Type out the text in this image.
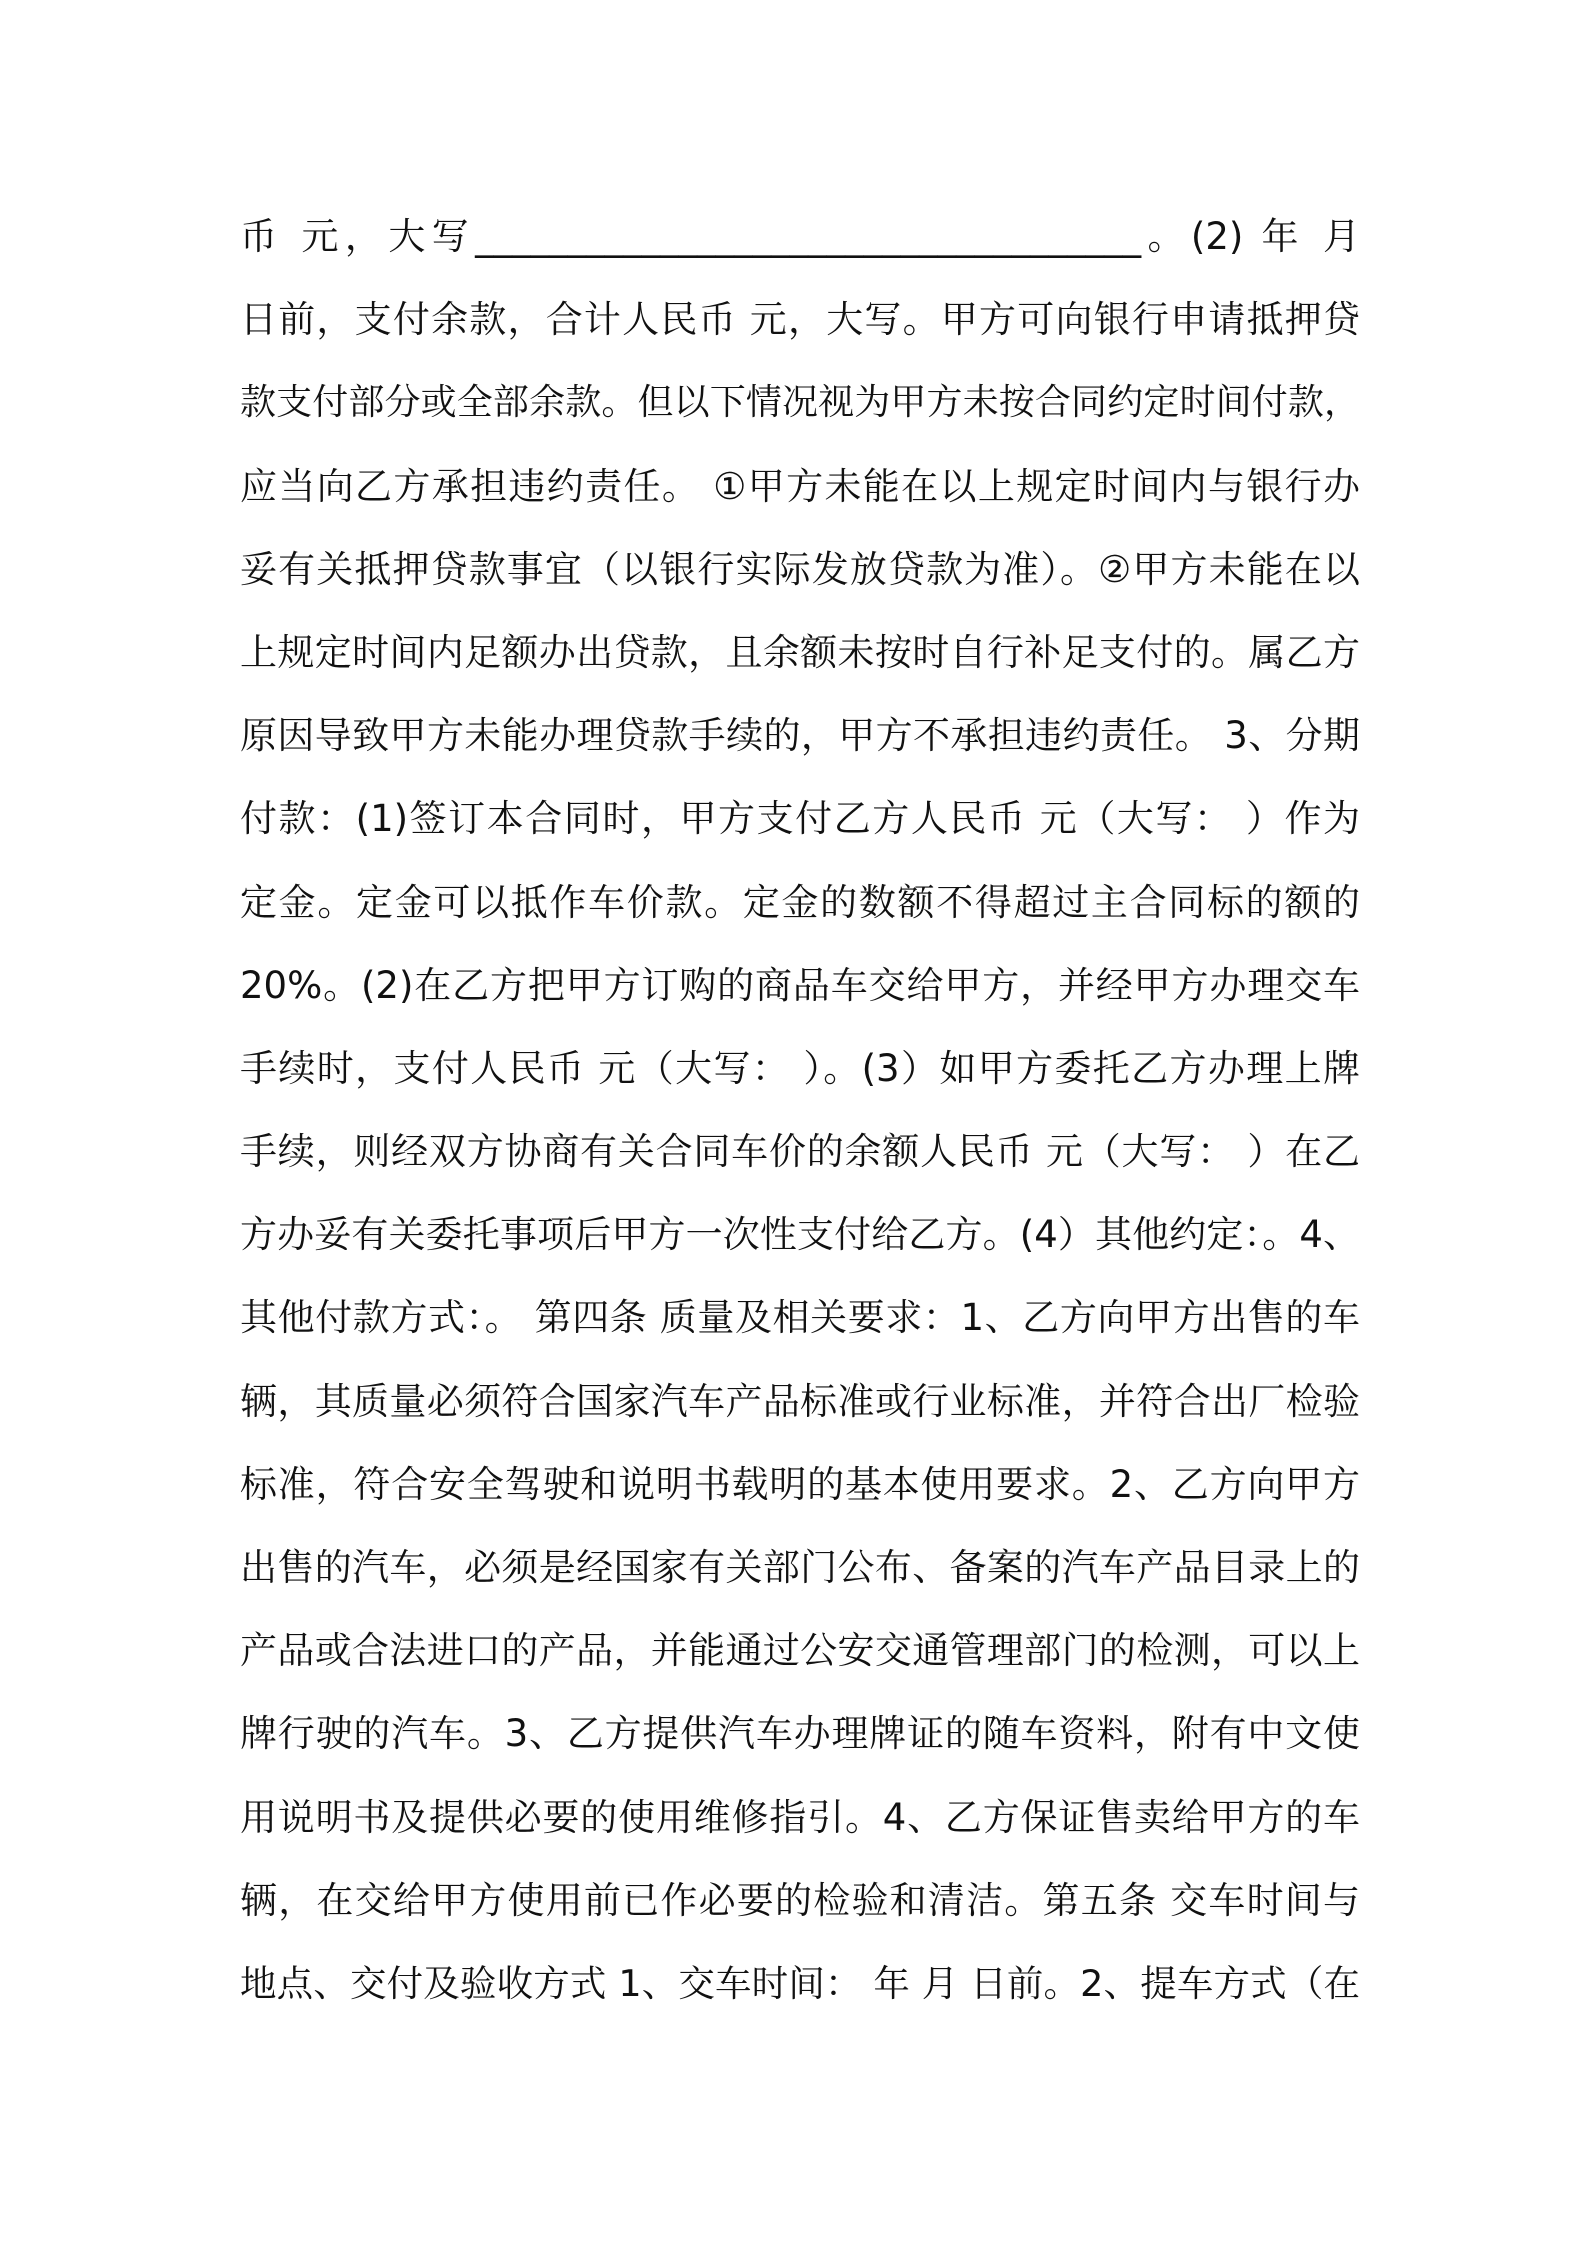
币 元，大写____________________________________。(2) 年 月
日前，支付余款，合计人民币 元，大写。甲方可向银行申请抵押贷
款支付部分或全部余款。但以下情况视为甲方未按合同约定时间付款，
应当向乙方承担违约责任。 ①甲方未能在以上规定时间内与银行办
妥有关抵押贷款事宜（以银行实际发放贷款为准）。②甲方未能在以
上规定时间内足额办出贷款，且余额未按时自行补足支付的。属乙方
原因导致甲方未能办理贷款手续的，甲方不承担违约责任。 3、分期
付款：(1)签订本合同时，甲方支付乙方人民币 元（大写： ）作为
定金。定金可以抵作车价款。定金的数额不得超过主合同标的额的
20%。(2)在乙方把甲方订购的商品车交给甲方，并经甲方办理交车
手续时，支付人民币 元（大写： ）。(3）如甲方委托乙方办理上牌
手续，则经双方协商有关合同车价的余额人民币 元（大写： ）在乙
方办妥有关委托事项后甲方一次性支付给乙方。(4）其他约定：。4、
其他付款方式：。 第四条 质量及相关要求：1、乙方向甲方出售的车
辆，其质量必须符合国家汽车产品标准或行业标准，并符合出厂检验
标准，符合安全驾驶和说明书载明的基本使用要求。2、乙方向甲方
出售的汽车，必须是经国家有关部门公布、备案的汽车产品目录上的
产品或合法进口的产品，并能通过公安交通管理部门的检测，可以上
牌行驶的汽车。3、乙方提供汽车办理牌证的随车资料，附有中文使
用说明书及提供必要的使用维修指引。4、乙方保证售卖给甲方的车
辆，在交给甲方使用前已作必要的检验和清洁。第五条 交车时间与
地点、交付及验收方式 1、交车时间： 年 月 日前。2、提车方式（在
